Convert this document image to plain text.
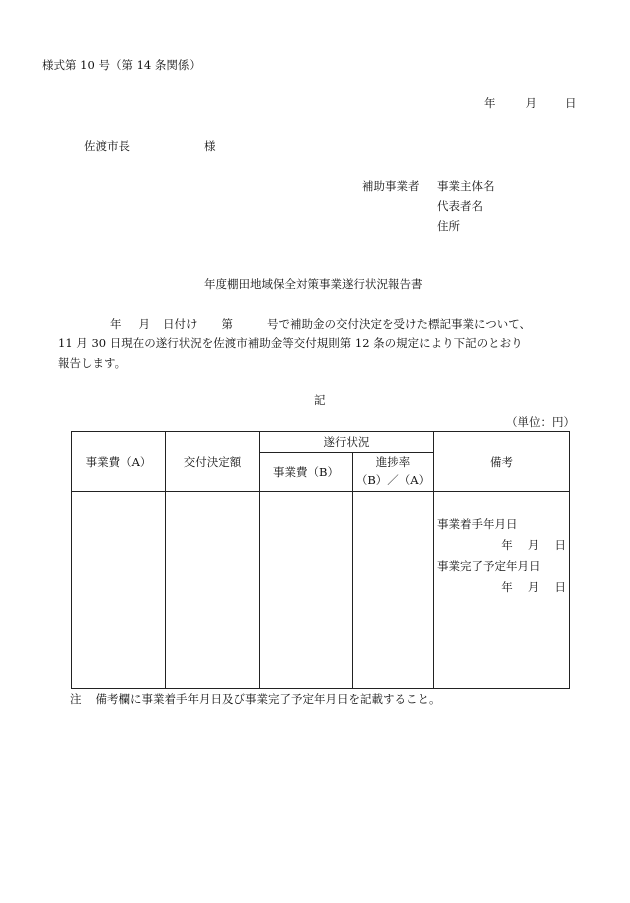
様式第 10 号（第 14 条関係）
年	月 日
佐渡市長	様
補助事業者 事業主体名
代表者名
住所
年度棚田地域保全対策事業遂行状況報告書
年 月 日付け 第	号で補助金の交付決定を受けた標記事業について、
11 月 30 日現在の遂行状況を佐渡市補助金等交付規則第 12 条の規定により下記のとおり
報告します。
記
（単位：円）
事業費（A）	交付決定額	遂行状況		備考
		事業費（B）	進捗率
（B）／（A）	

				事業着手年月日
年　 月　 日
事業完了予定年月日
年　 月　 日
注 備考欄に事業着手年月日及び事業完了予定年月日を記載すること。
